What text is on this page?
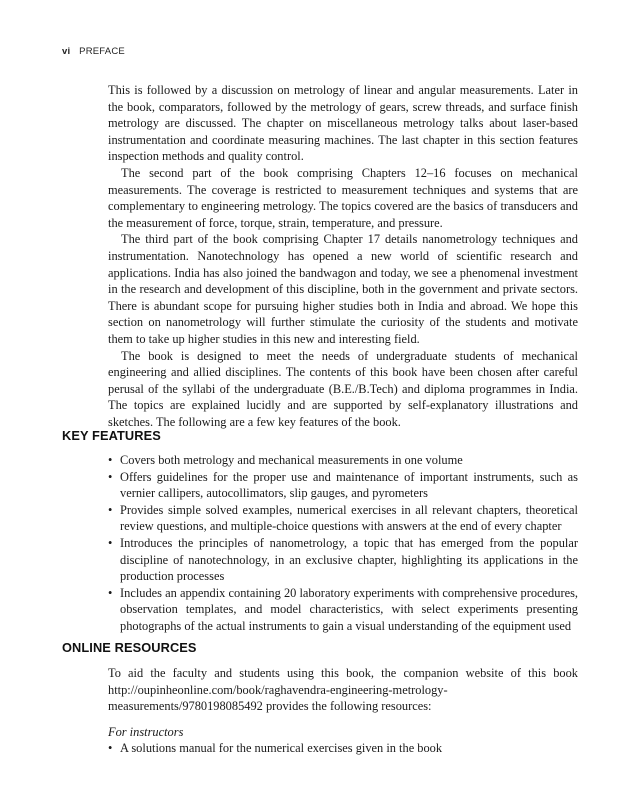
vi PREFACE

This is followed by a discussion on metrology of linear and angular measurements. Later in the book, comparators, followed by the metrology of gears, screw threads, and surface finish metrology are discussed. The chapter on miscellaneous metrology talks about laser-based instrumentation and coordinate measuring machines. The last chapter in this section features inspection methods and quality control.

The second part of the book comprising Chapters 12–16 focuses on mechanical measurements. The coverage is restricted to measurement techniques and systems that are complementary to engineering metrology. The topics covered are the basics of transducers and the measurement of force, torque, strain, temperature, and pressure.

The third part of the book comprising Chapter 17 details nanometrology techniques and instrumentation. Nanotechnology has opened a new world of scientific research and applications. India has also joined the bandwagon and today, we see a phenomenal investment in the research and development of this discipline, both in the government and private sectors. There is abundant scope for pursuing higher studies both in India and abroad. We hope this section on nanometrology will further stimulate the curiosity of the students and motivate them to take up higher studies in this new and interesting field.

The book is designed to meet the needs of undergraduate students of mechanical engineering and allied disciplines. The contents of this book have been chosen after careful perusal of the syllabi of the undergraduate (B.E./B.Tech) and diploma programmes in India. The topics are explained lucidly and are supported by self-explanatory illustrations and sketches. The following are a few key features of the book.

KEY FEATURES
• Covers both metrology and mechanical measurements in one volume
• Offers guidelines for the proper use and maintenance of important instruments, such as vernier callipers, autocollimators, slip gauges, and pyrometers
• Provides simple solved examples, numerical exercises in all relevant chapters, theoretical review questions, and multiple-choice questions with answers at the end of every chapter
• Introduces the principles of nanometrology, a topic that has emerged from the popular discipline of nanotechnology, in an exclusive chapter, highlighting its applications in the production processes
• Includes an appendix containing 20 laboratory experiments with comprehensive procedures, observation templates, and model characteristics, with select experiments presenting photographs of the actual instruments to gain a visual understanding of the equipment used
ONLINE RESOURCES

To aid the faculty and students using this book, the companion website of this book http://oupinheonline.com/book/raghavendra-engineering-metrology-measurements/9780198085492 provides the following resources:

For instructors

• A solutions manual for the numerical exercises given in the book
